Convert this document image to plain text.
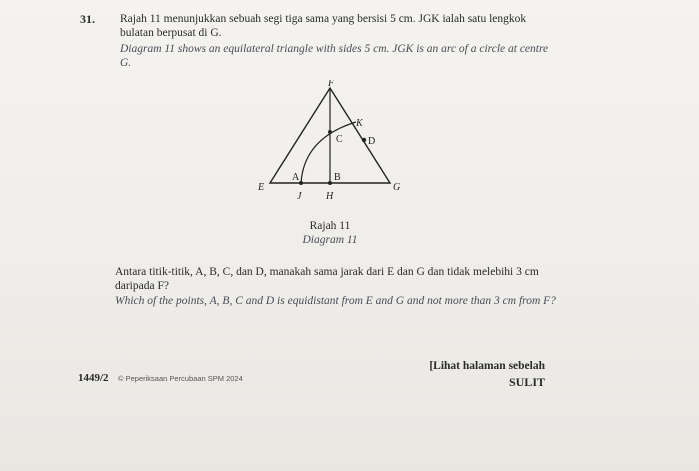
31. Rajah 11 menunjukkan sebuah segi tiga sama yang bersisi 5 cm. JGK ialah satu lengkok bulatan berpusat di G.
Diagram 11 shows an equilateral triangle with sides 5 cm. JGK is an arc of a circle at centre G.
F
K
C	D
E
A	B
G
J H
Rajah 11
Diagram 11
Antara titik-titik, A, B, C, dan D, manakah sama jarak dari E dan G dan tidak melebihi 3 cm daripada F?
Which of the points, A, B, C and D is equidistant from E and G and not more than 3 cm from F?
1449/2 © Peperiksaan Percubaan SPM 2024
[Lihat halaman sebelah
SULIT
